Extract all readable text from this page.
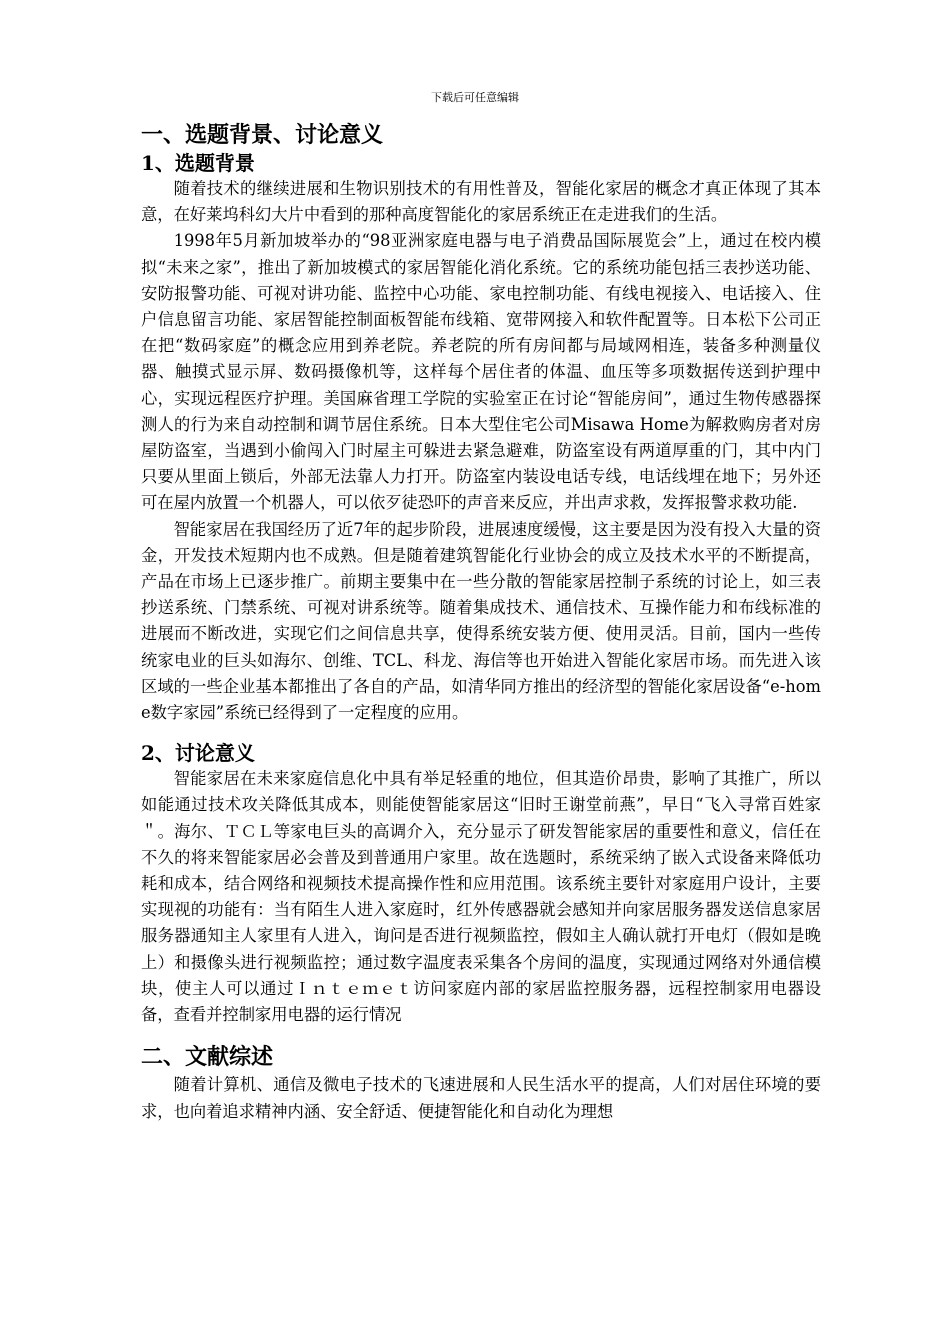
下载后可任意编辑
一、选题背景、讨论意义
1、选题背景

随着技术的继续进展和生物识别技术的有用性普及，智能化家居的概念才真正体现了其本意，在好莱坞科幻大片中看到的那种高度智能化的家居系统正在走进我们的生活。

1998年5月新加坡举办的“98亚洲家庭电器与电子消费品国际展览会”上，通过在校内模拟“未来之家”，推出了新加坡模式的家居智能化消化系统。它的系统功能包括三表抄送功能、安防报警功能、可视对讲功能、监控中心功能、家电控制功能、有线电视接入、电话接入、住户信息留言功能、家居智能控制面板智能布线箱、宽带网接入和软件配置等。日本松下公司正在把“数码家庭”的概念应用到养老院。养老院的所有房间都与局域网相连，装备多种测量仪器、触摸式显示屏、数码摄像机等，这样每个居住者的体温、血压等多项数据传送到护理中心，实现远程医疗护理。美国麻省理工学院的实验室正在讨论“智能房间”，通过生物传感器探测人的行为来自动控制和调节居住系统。日本大型住宅公司Misawa Home为解救购房者对房屋防盗室，当遇到小偷闯入门时屋主可躲进去紧急避难，防盗室设有两道厚重的门，其中内门只要从里面上锁后，外部无法靠人力打开。防盗室内装设电话专线，电话线埋在地下；另外还可在屋内放置一个机器人，可以依歹徒恐吓的声音来反应，并出声求救，发挥报警求救功能.

智能家居在我国经历了近7年的起步阶段，进展速度缓慢，这主要是因为没有投入大量的资金，开发技术短期内也不成熟。但是随着建筑智能化行业协会的成立及技术水平的不断提高，产品在市场上已逐步推广。前期主要集中在一些分散的智能家居控制子系统的讨论上，如三表抄送系统、门禁系统、可视对讲系统等。随着集成技术、通信技术、互操作能力和布线标准的进展而不断改进，实现它们之间信息共享，使得系统安装方便、使用灵活。目前，国内一些传统家电业的巨头如海尔、创维、TCL、科龙、海信等也开始进入智能化家居市场。而先进入该区域的一些企业基本都推出了各自的产品，如清华同方推出的经济型的智能化家居设备“e-home数字家园”系统已经得到了一定程度的应用。

2、讨论意义

智能家居在未来家庭信息化中具有举足轻重的地位，但其造价昂贵，影响了其推广，所以如能通过技术攻关降低其成本，则能使智能家居这“旧时王谢堂前燕”，早日“飞入寻常百姓家＂。海尔、ＴＣＬ等家电巨头的高调介入，充分显示了研发智能家居的重要性和意义，信任在不久的将来智能家居必会普及到普通用户家里。故在选题时，系统采纳了嵌入式设备来降低功耗和成本，结合网络和视频技术提高操作性和应用范围。该系统主要针对家庭用户设计，主要实现视的功能有：当有陌生人进入家庭时，红外传感器就会感知并向家居服务器发送信息家居服务器通知主人家里有人进入，询问是否进行视频监控，假如主人确认就打开电灯（假如是晚上）和摄像头进行视频监控；通过数字温度表采集各个房间的温度，实现通过网络对外通信模块，使主人可以通过Ｉｎｔｅｍｅｔ访问家庭内部的家居监控服务器，远程控制家用电器设备，查看并控制家用电器的运行情况

二、文献综述

随着计算机、通信及微电子技术的飞速进展和人民生活水平的提高，人们对居住环境的要求，也向着追求精神内涵、安全舒适、便捷智能化和自动化为理想
